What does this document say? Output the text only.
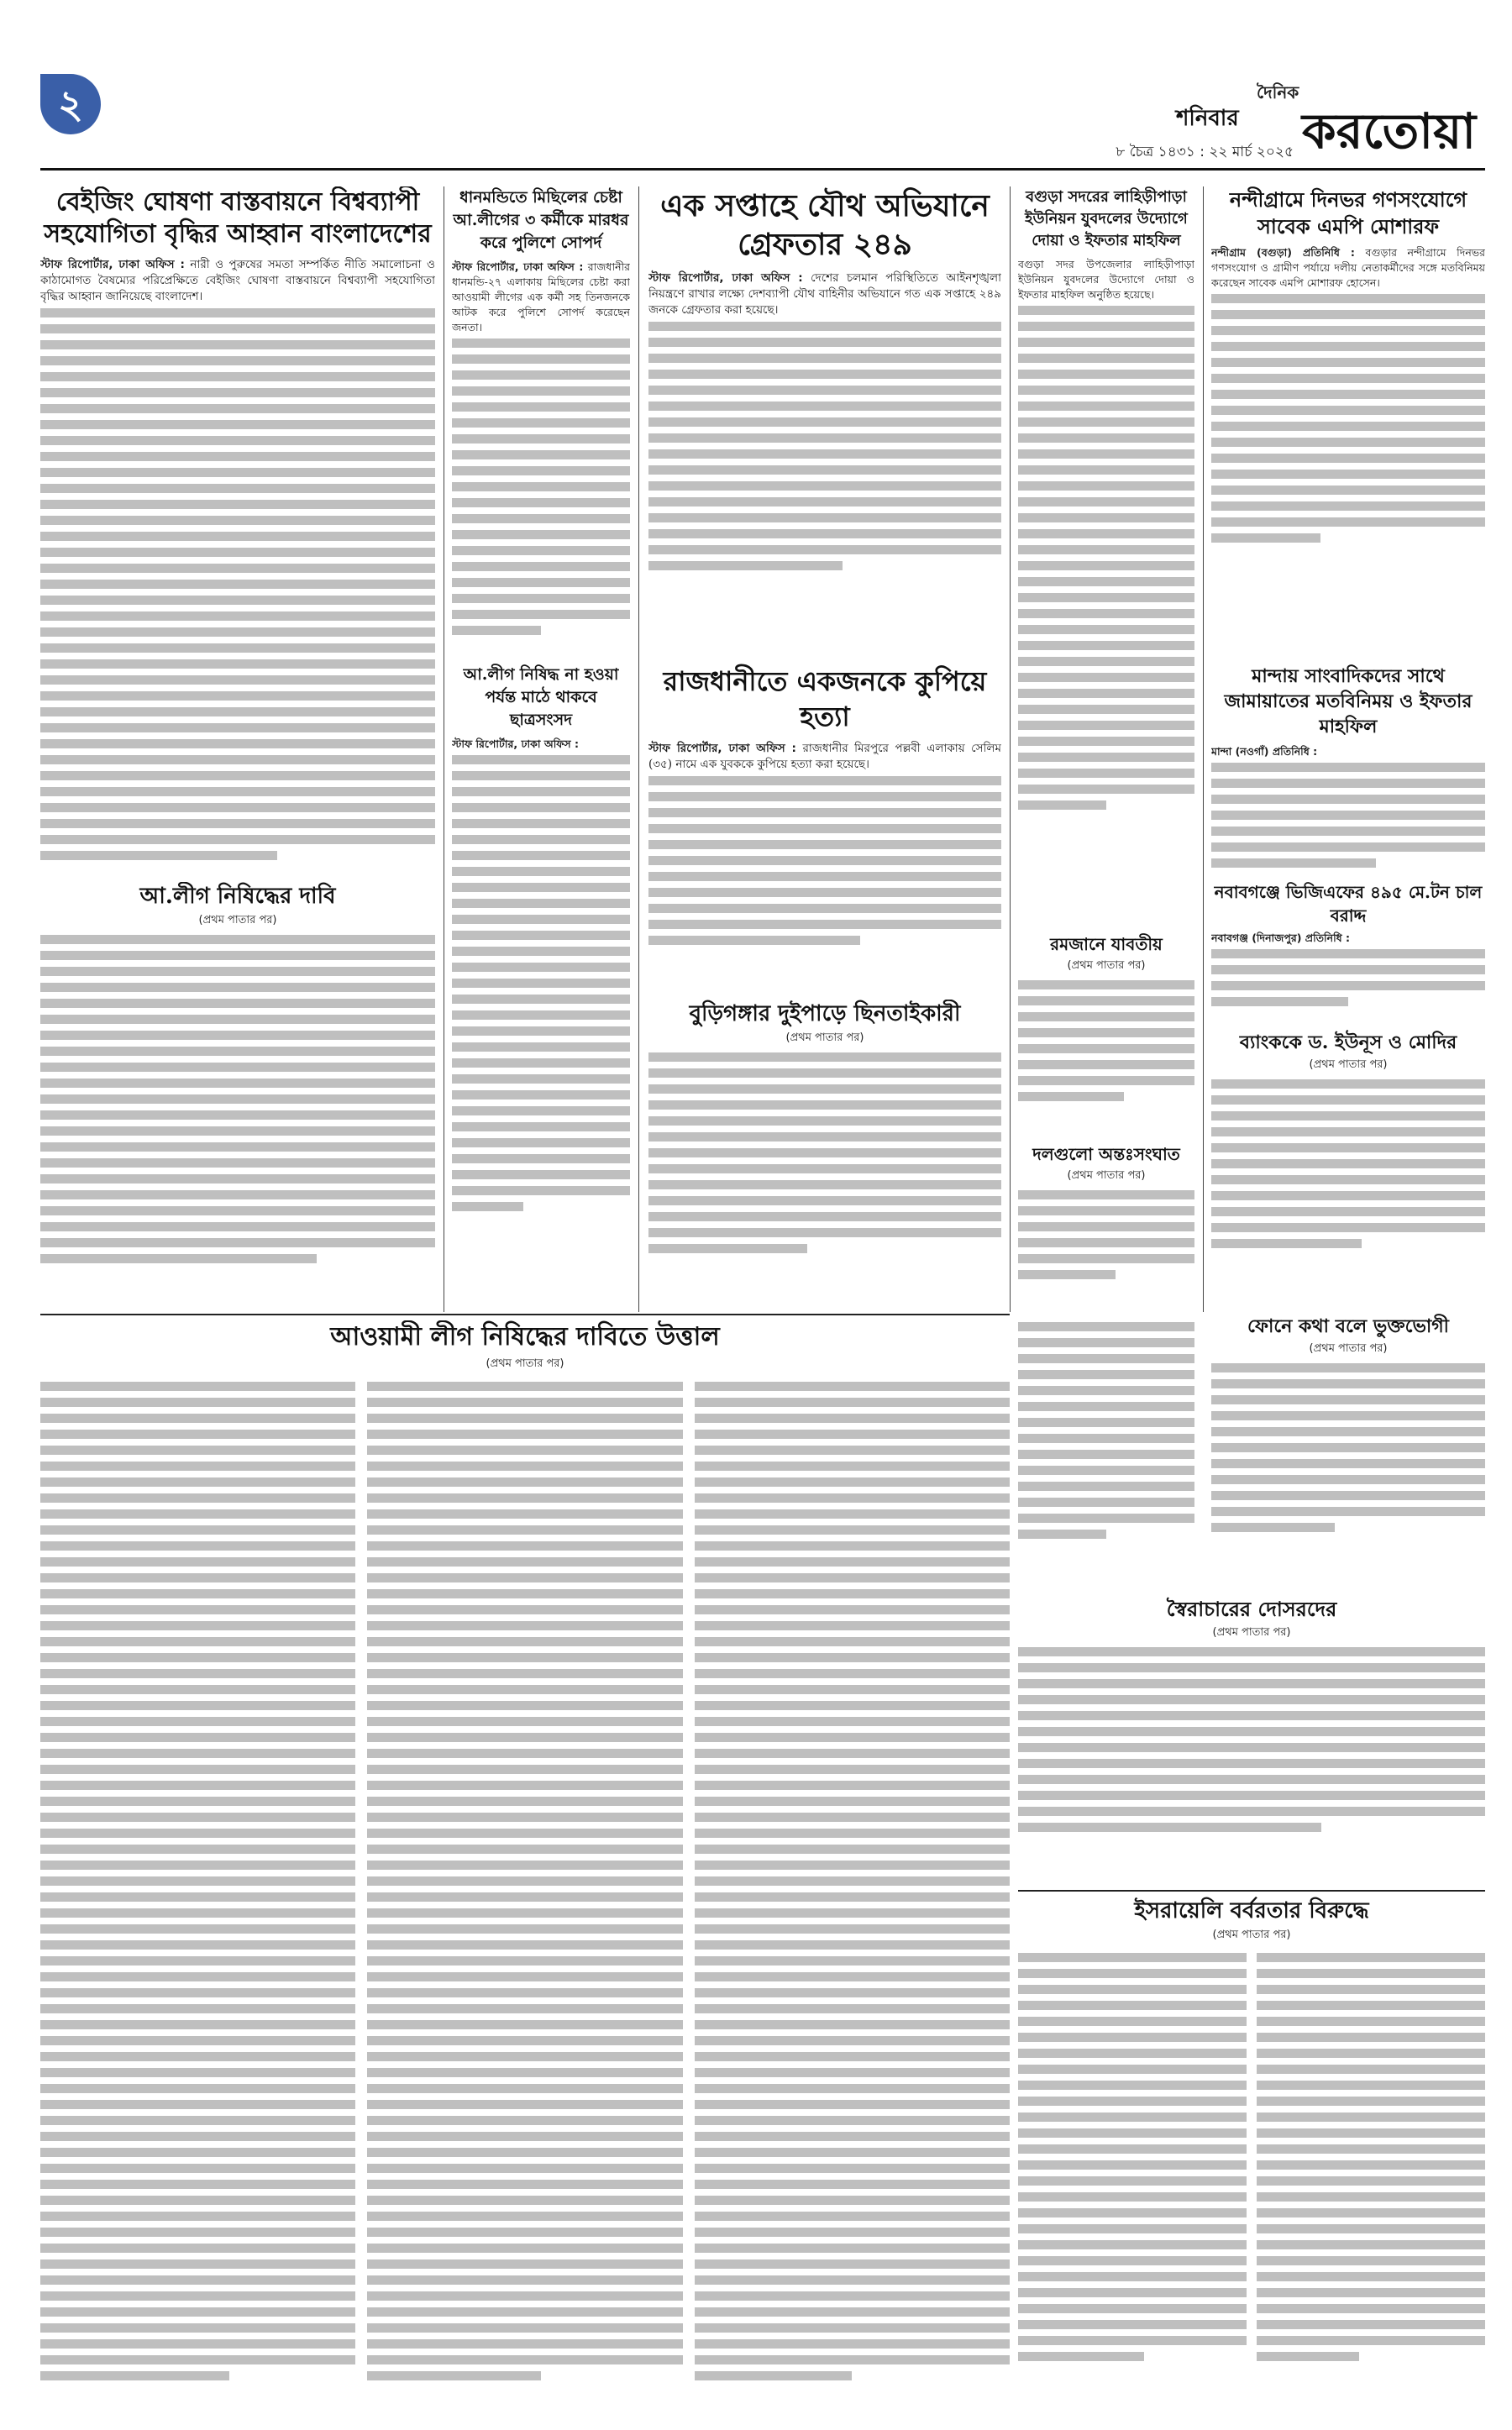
২	দৈনিক
শনিবার করতোয়া
৮ চৈত্র ১৪৩১ : ২২ মার্চ ২০২৫
বেইজিং ঘোষণা বাস্তবায়নে বিশ্বব্যাপী সহযোগিতা বৃদ্ধির আহ্বান বাংলাদেশের
স্টাফ রিপোর্টার, ঢাকা অফিস : নারী ও পুরুষের সমতা সম্পর্কিত নীতি সমালোচনা ও কাঠামোগত বৈষম্যের পরিপ্রেক্ষিতে বেইজিং ঘোষণা বাস্তবায়নে বিশ্বব্যাপী সহযোগিতা বৃদ্ধির আহ্বান জানিয়েছে বাংলাদেশ।
আ.লীগ নিষিদ্ধের দাবি
(প্রথম পাতার পর)
ধানমন্ডিতে মিছিলের চেষ্টা আ.লীগের ৩ কর্মীকে মারধর করে পুলিশে সোপর্দ
স্টাফ রিপোর্টার, ঢাকা অফিস : রাজধানীর ধানমন্ডি-২৭ এলাকায় মিছিলের চেষ্টা করা আওয়ামী লীগের এক কর্মী সহ তিনজনকে আটক করে পুলিশে সোপর্দ করেছেন জনতা।
আ.লীগ নিষিদ্ধ না হওয়া পর্যন্ত মাঠে থাকবে ছাত্রসংসদ
স্টাফ রিপোর্টার, ঢাকা অফিস :
এক সপ্তাহে যৌথ অভিযানে গ্রেফতার ২৪৯
স্টাফ রিপোর্টার, ঢাকা অফিস : দেশের চলমান পরিস্থিতিতে আইনশৃঙ্খলা নিয়ন্ত্রণে রাখার লক্ষ্যে দেশব্যাপী যৌথ বাহিনীর অভিযানে গত এক সপ্তাহে ২৪৯ জনকে গ্রেফতার করা হয়েছে।
রাজধানীতে একজনকে কুপিয়ে হত্যা
স্টাফ রিপোর্টার, ঢাকা অফিস : রাজধানীর মিরপুরে পল্লবী এলাকায় সেলিম (৩৫) নামে এক যুবককে কুপিয়ে হত্যা করা হয়েছে।
বুড়িগঙ্গার দুইপাড়ে ছিনতাইকারী
(প্রথম পাতার পর)
বগুড়া সদরের লাহিড়ীপাড়া ইউনিয়ন যুবদলের উদ্যোগে দোয়া ও ইফতার মাহফিল
বগুড়া সদর উপজেলার লাহিড়ীপাড়া ইউনিয়ন যুবদলের উদ্যোগে দোয়া ও ইফতার মাহফিল অনুষ্ঠিত হয়েছে।
রমজানে যাবতীয়
(প্রথম পাতার পর)
দলগুলো অন্তঃসংঘাত
(প্রথম পাতার পর)
নন্দীগ্রামে দিনভর গণসংযোগে সাবেক এমপি মোশারফ
নন্দীগ্রাম (বগুড়া) প্রতিনিধি : বগুড়ার নন্দীগ্রামে দিনভর গণসংযোগ ও গ্রামীণ পর্যায়ে দলীয় নেতাকর্মীদের সঙ্গে মতবিনিময় করেছেন সাবেক এমপি মোশারফ হোসেন।
মান্দায় সাংবাদিকদের সাথে জামায়াতের মতবিনিময় ও ইফতার মাহফিল
মান্দা (নওগাঁ) প্রতিনিধি :
নবাবগঞ্জে ভিজিএফের ৪৯৫ মে.টন চাল বরাদ্দ
নবাবগঞ্জ (দিনাজপুর) প্রতিনিধি :
ব্যাংককে ড. ইউনূস ও মোদির
(প্রথম পাতার পর)
ফোনে কথা বলে ভুক্তভোগী
(প্রথম পাতার পর)
স্বৈরাচারের দোসরদের
(প্রথম পাতার পর)
আওয়ামী লীগ নিষিদ্ধের দাবিতে উত্তাল
(প্রথম পাতার পর)
ইসরায়েলি বর্বরতার বিরুদ্ধে
(প্রথম পাতার পর)
